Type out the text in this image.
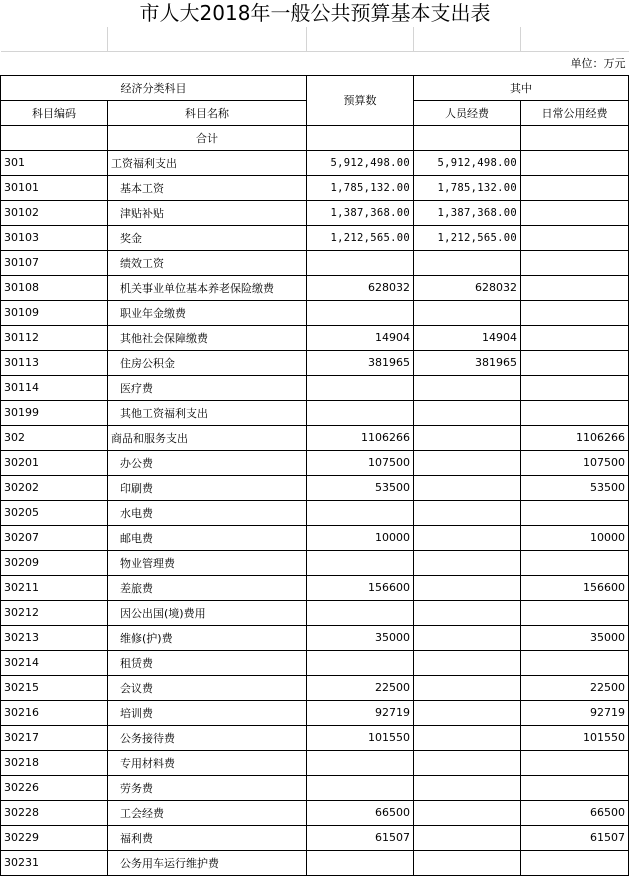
市人大2018年一般公共预算基本支出表

				单位：万元
经济分类科目		预算数	其中	
科目编码	科目名称		人员经费	日常公用经费
	合计			
301	工资福利支出	5,912,498.00	5,912,498.00	
30101	基本工资	1,785,132.00	1,785,132.00	
30102	津贴补贴	1,387,368.00	1,387,368.00	
30103	奖金	1,212,565.00	1,212,565.00	
30107	绩效工资			
30108	机关事业单位基本养老保险缴费	628032	628032	
30109	职业年金缴费			
30112	其他社会保障缴费	14904	14904	
30113	住房公积金	381965	381965	
30114	医疗费			
30199	其他工资福利支出			
302	商品和服务支出	1106266		1106266
30201	办公费	107500		107500
30202	印刷费	53500		53500
30205	水电费			
30207	邮电费	10000		10000
30209	物业管理费			
30211	差旅费	156600		156600
30212	因公出国(境)费用			
30213	维修(护)费	35000		35000
30214	租赁费			
30215	会议费	22500		22500
30216	培训费	92719		92719
30217	公务接待费	101550		101550
30218	专用材料费			
30226	劳务费			
30228	工会经费	66500		66500
30229	福利费	61507		61507
30231	公务用车运行维护费			
